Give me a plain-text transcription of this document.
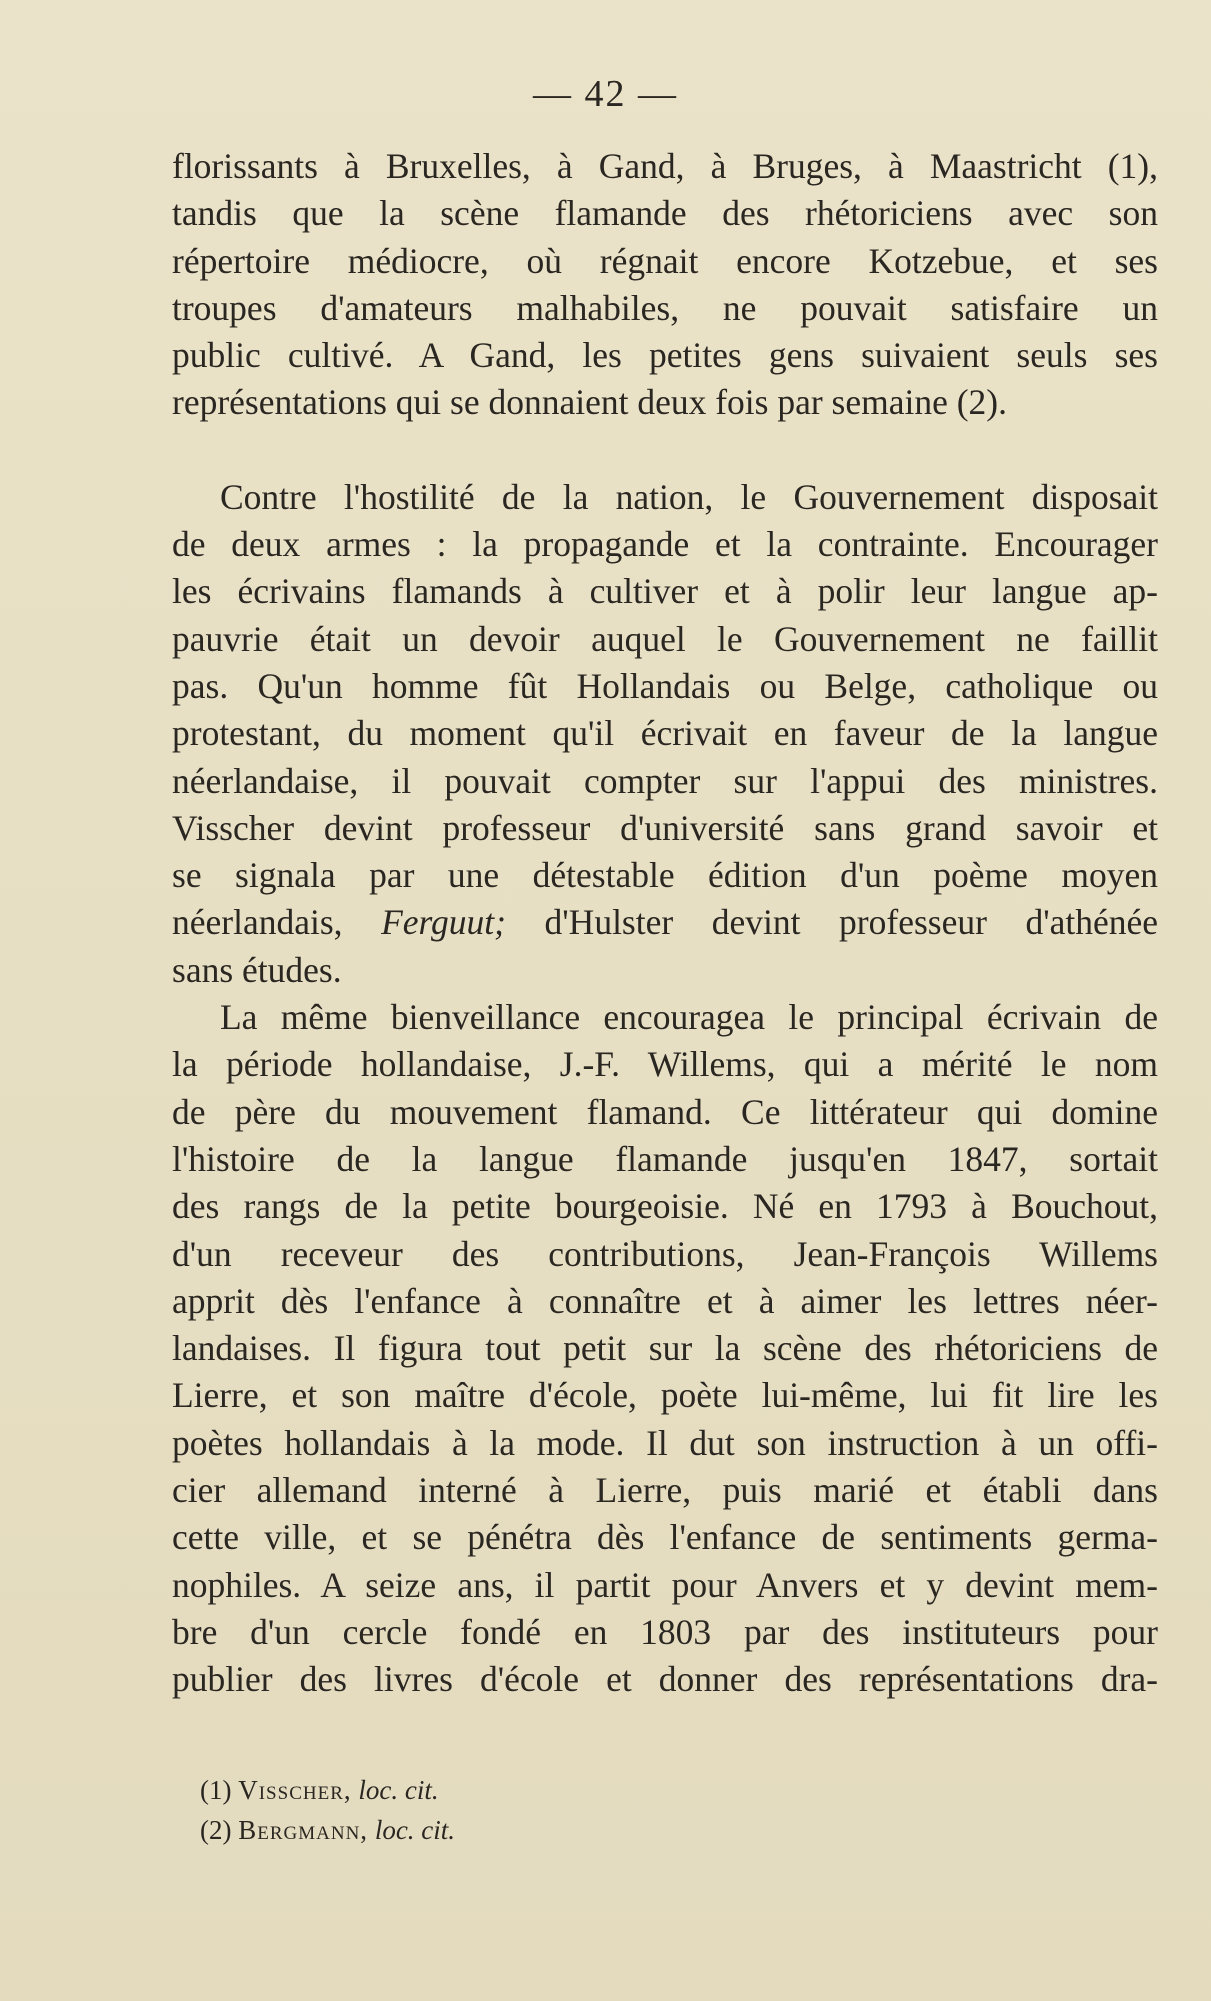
— 42 —
florissants à Bruxelles, à Gand, à Bruges, à Maastricht (1),
tandis que la scène flamande des rhétoriciens avec son
répertoire médiocre, où régnait encore Kotzebue, et ses
troupes d'amateurs malhabiles, ne pouvait satisfaire un
public cultivé. A Gand, les petites gens suivaient seuls ses
représentations qui se donnaient deux fois par semaine (2).
Contre l'hostilité de la nation, le Gouvernement disposait
de deux armes : la propagande et la contrainte. Encourager
les écrivains flamands à cultiver et à polir leur langue ap-
pauvrie était un devoir auquel le Gouvernement ne faillit
pas. Qu'un homme fût Hollandais ou Belge, catholique ou
protestant, du moment qu'il écrivait en faveur de la langue
néerlandaise, il pouvait compter sur l'appui des ministres.
Visscher devint professeur d'université sans grand savoir et
se signala par une détestable édition d'un poème moyen
néerlandais, Ferguut; d'Hulster devint professeur d'athénée
sans études.
La même bienveillance encouragea le principal écrivain de
la période hollandaise, J.-F. Willems, qui a mérité le nom
de père du mouvement flamand. Ce littérateur qui domine
l'histoire de la langue flamande jusqu'en 1847, sortait
des rangs de la petite bourgeoisie. Né en 1793 à Bouchout,
d'un receveur des contributions, Jean-François Willems
apprit dès l'enfance à connaître et à aimer les lettres néer-
landaises. Il figura tout petit sur la scène des rhétoriciens de
Lierre, et son maître d'école, poète lui-même, lui fit lire les
poètes hollandais à la mode. Il dut son instruction à un offi-
cier allemand interné à Lierre, puis marié et établi dans
cette ville, et se pénétra dès l'enfance de sentiments germa-
nophiles. A seize ans, il partit pour Anvers et y devint mem-
bre d'un cercle fondé en 1803 par des instituteurs pour
publier des livres d'école et donner des représentations dra-
(1) Visscher, loc. cit.
(2) Bergmann, loc. cit.
